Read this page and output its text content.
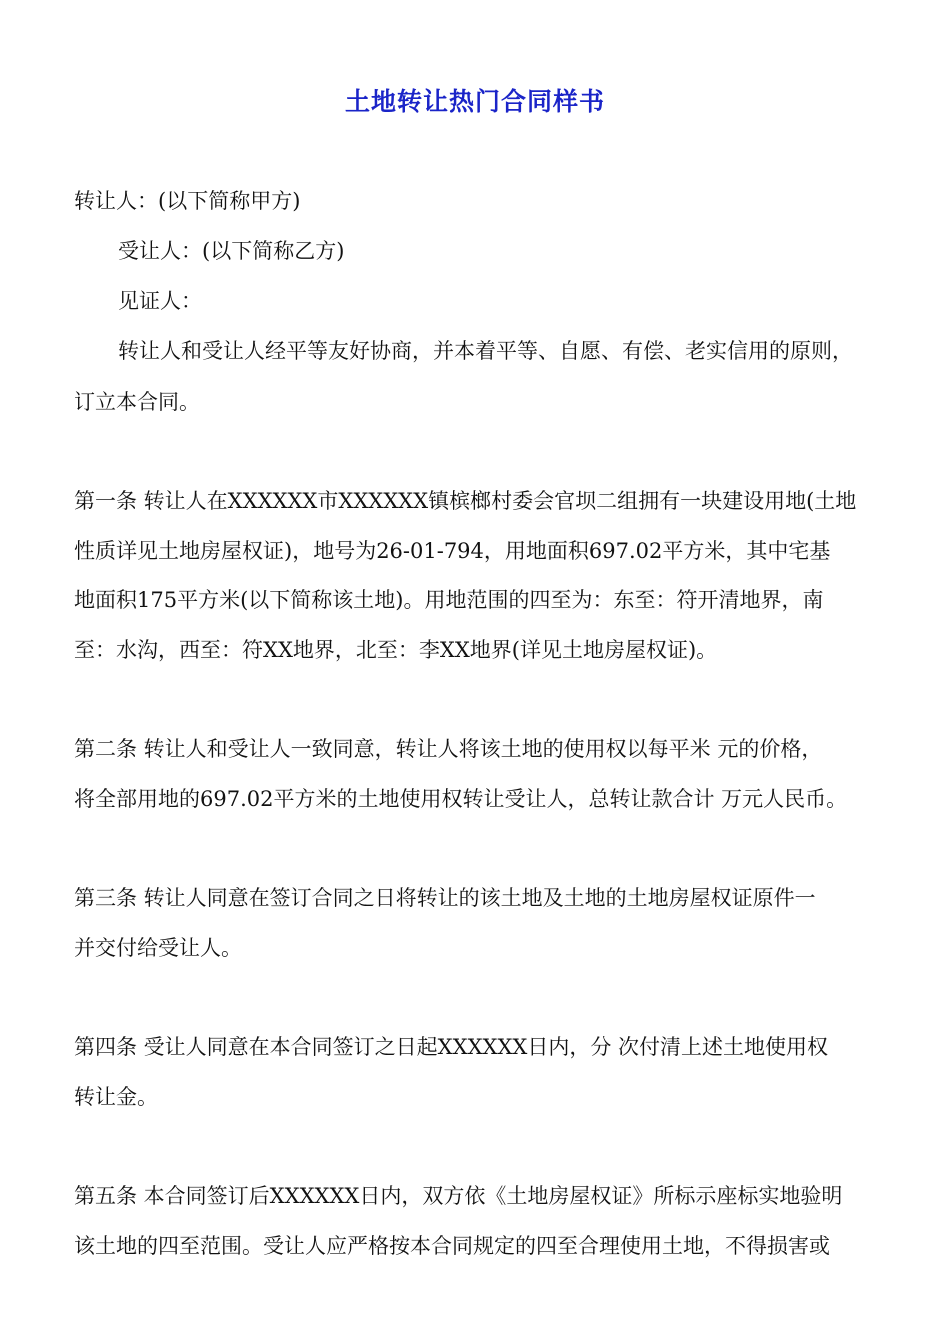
土地转让热门合同样书
转让人：(以下简称甲方)
受让人：(以下简称乙方)
见证人：
转让人和受让人经平等友好协商，并本着平等、自愿、有偿、老实信用的原则，
订立本合同。
第一条 转让人在XXXXXX市XXXXXX镇槟榔村委会官坝二组拥有一块建设用地(土地
性质详见土地房屋权证)，地号为26-01-794，用地面积697.02平方米，其中宅基
地面积175平方米(以下简称该土地)。用地范围的四至为：东至：符开清地界，南
至：水沟，西至：符XX地界，北至：李XX地界(详见土地房屋权证)。
第二条 转让人和受让人一致同意，转让人将该土地的使用权以每平米 元的价格，
将全部用地的697.02平方米的土地使用权转让受让人，总转让款合计 万元人民币。
第三条 转让人同意在签订合同之日将转让的该土地及土地的土地房屋权证原件一
并交付给受让人。
第四条 受让人同意在本合同签订之日起XXXXXX日内，分 次付清上述土地使用权
转让金。
第五条 本合同签订后XXXXXX日内，双方依《土地房屋权证》所标示座标实地验明
该土地的四至范围。受让人应严格按本合同规定的四至合理使用土地，不得损害或
